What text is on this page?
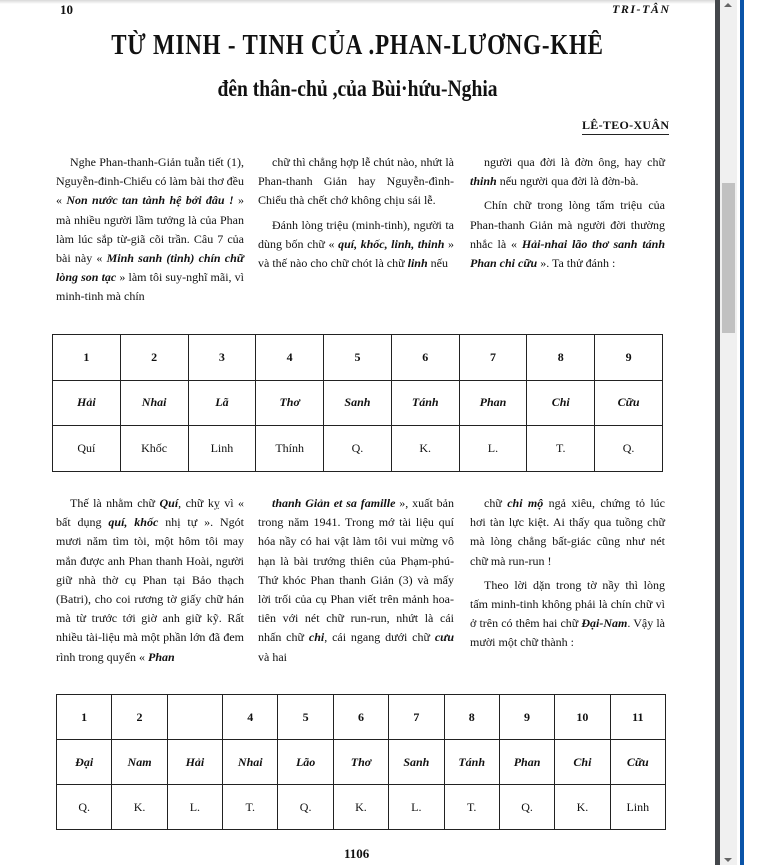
10	TRI-TÂN
TỪ MINH - TINH CỦA .PHAN-LƯƠNG-KHÊ
đên thân-chủ ,của Bùi·hứu-Nghia
LÊ-TEO-XUÂN

Nghe Phan-thanh-Giản tuẫn tiết (1), Nguyễn-đinh-Chiểu có làm bài thơ đều « Non nước tan tành hệ bởi đâu ! » mà nhiều người lầm tưởng là của Phan làm lúc sắp từ-giã cõi trần. Câu 7 của bài này « Minh sanh (tinh) chín chữ lòng son tạc » làm tôi suy-nghĩ mãi, vì minh-tinh mà chín

chữ thì chẳng hợp lễ chút nào, nhứt là Phan-thanh Giản hay Nguyễn-đình-Chiểu thà chết chớ không chịu sái lễ.

Đánh lòng triệu (minh-tinh), người ta dùng bốn chữ « quí, khốc, linh, thinh » và thế nào cho chữ chót là chữ linh nếu

người qua đời là đờn ông, hay chữ thinh nếu người qua đời là đờn-bà.

Chín chữ trong lòng tấm triệu của Phan-thanh Giản mà người đời thường nhắc là « Hải-nhai lão thơ sanh tánh Phan chi cữu ». Ta thử đánh :

1	2	3	4	5	6	7	8	9
Hải	Nhai	Lã	Thơ	Sanh	Tánh	Phan	Chi	Cữu
Quí	Khốc	Linh	Thính	Q.	K.	L.	T.	Q.

Thế là nhằm chữ Quí, chữ kỵ vì « bất dụng quí, khốc nhị tự ». Ngót mươi năm tìm tòi, một hôm tôi may mắn được anh Phan thanh Hoài, người giữ nhà thờ cụ Phan tại Bảo thạch (Batri), cho coi rương tờ giấy chữ hán mà từ trước tới giờ anh giữ kỹ. Rất nhiều tài-liệu mà một phần lớn đã đem rình trong quyển « Phan

thanh Giản et sa famille », xuất bản trong năm 1941. Trong mớ tài liệu quí hóa nầy có hai vật làm tôi vui mừng vô hạn là bài trướng thiên của Phạm-phú-Thứ khóc Phan thanh Giản (3) và mấy lời trối của cụ Phan viết trên mảnh hoa-tiên với nét chữ run-run, nhứt là cái nhấn chữ chi, cái ngang dưới chữ cưu và hai

chữ chi mộ ngả xiêu, chứng tỏ lúc hơi tàn lực kiệt. Ai thấy qua tuồng chữ mà lòng chẳng bất-giác cũng như nét chữ mà run-run !

Theo lời dặn trong tờ nầy thì lòng tấm minh-tinh không phải là chín chữ vì ở trên có thêm hai chữ Đại-Nam. Vậy là mười một chữ thành :

1	2		4	5	6	7	8	9	10	11
Đại	Nam	Hải	Nhai	Lão	Thơ	Sanh	Tánh	Phan	Chi	Cữu
Q.	K.	L.	T.	Q.	K.	L.	T.	Q.	K.	Linh
1106
